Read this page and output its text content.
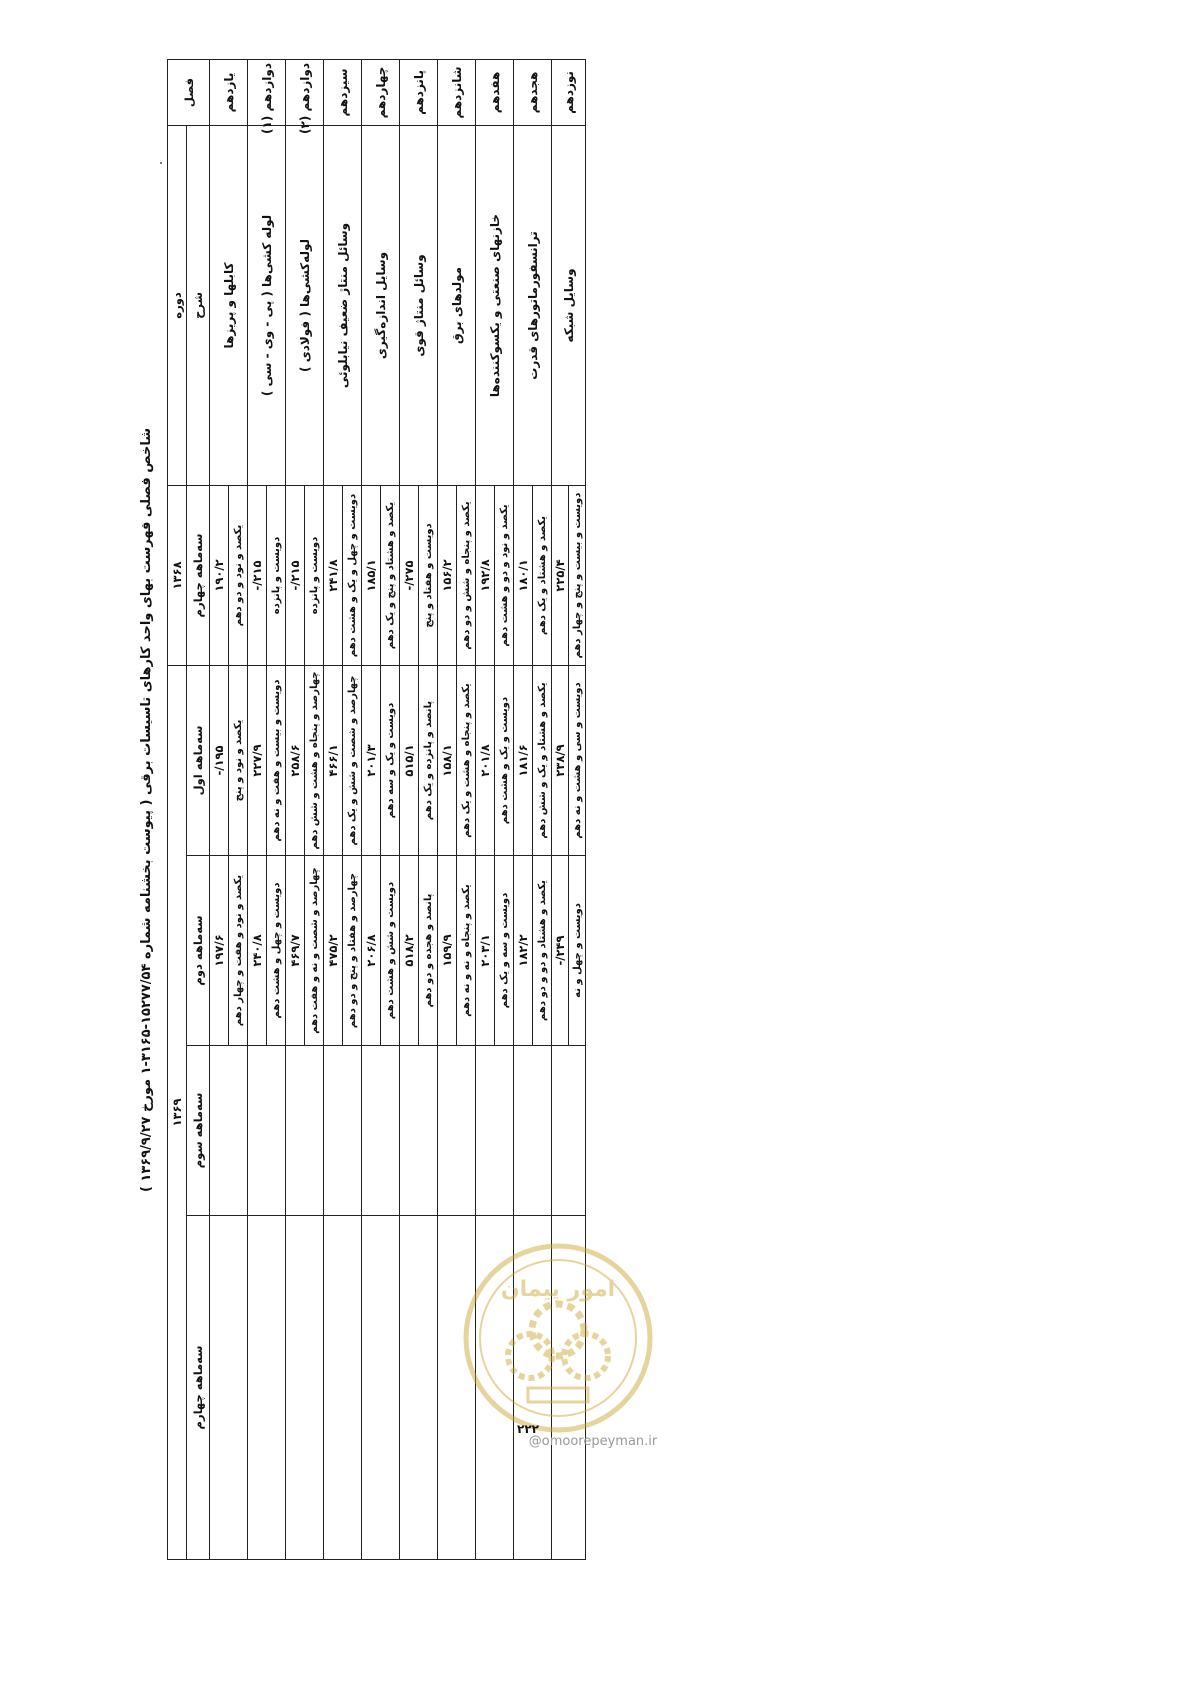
شاخص فصلی فهرست بهای واحد کارهای تاسیسات برقی ( پیوست بخشنامه شماره ۱۵۲۷۷/۵۴-۳۱۶۵-۱ مورخ ۱۳۶۹/۹/۲۷ )
فصل	دوره	۱۳۶۸	۱۳۶۹			
	شرح	سه‌ماهه چهارم	سه‌ماهه اول	سه‌ماهه دوم	سه‌ماهه سوم	سه‌ماهه چهارم
یازدهم	کابلها و پریزها	۱۹۰/۲	۱۹۵/-	۱۹۷/۶		
		یکصد و نود و دو دهم	یکصد و نود و پنج	یکصد و نود و هفت و چهار دهم		
دوازدهم (۱)	لوله کشی‌ها ( پی - وی - سی )	۲۱۵/-	۲۲۷/۹	۲۴۰/۸		
		دویست و پانزده	دویست و بیست و هفت و نه دهم	دویست و چهل و هشت دهم		
دوازدهم (۲)	لوله‌کشی‌ها ( فولادی )	۲۱۵/-	۲۵۸/۶	۴۶۹/۷		
		دویست و پانزده	چهارصد و پنجاه و هشت و شش دهم	چهارصد و شصت و نه و هفت دهم		
سیزدهم	وسائل منتاژ ضعیف نیابلوئی	۲۴۱/۸	۴۶۶/۱	۴۷۵/۲		
		دویست و چهل و یک و هشت دهم	چهارصد و شصت و شش و یک دهم	چهارصد و هفتاد و پنج و دو دهم		
چهاردهم	وسایل اندازه‌گیری	۱۸۵/۱	۲۰۱/۳	۲۰۶/۸		
		یکصد و هشتاد و پنج و یک دهم	دویست و یک و سه دهم	دویست و شش و هشت دهم		
پانزدهم	وسائل منتاژ قوی	۲۷۵/-	۵۱۵/۱	۵۱۸/۲		
		دویست و هفتاد و پنج	پانصد و پانزده و یک دهم	پانصد و هجده و دو دهم		
شانزدهم	مولدهای برق	۱۵۶/۲	۱۵۸/۱	۱۵۹/۹		
		یکصد و پنجاه و شش و دو دهم	یکصد و پنجاه و هشت و یک دهم	یکصد و پنجاه و نه و نه دهم		
هفدهم	خازنهای صنعتی و یکسوکننده‌ها	۱۹۲/۸	۲۰۱/۸	۲۰۳/۱		
		یکصد و نود و دو و هشت دهم	دویست و یک و هشت دهم	دویست و سه و یک دهم		
هجدهم	ترانسفورماتورهای قدرت	۱۸۰/۱	۱۸۱/۶	۱۸۲/۲		
		یکصد و هشتاد و یک دهم	یکصد و هشتاد و یک و شش دهم	یکصد و هشتاد و دو و دو دهم		
نوزدهم	وسایل شبکه	۲۲۵/۴	۲۳۸/۹	۲۴۹/-		
		دویست و بیست و پنج و چهار دهم	دویست و سی و هشت و نه دهم	دویست و چهل و نه		
امور پیمان
۲۲۲
@omoorepeyman.ir
